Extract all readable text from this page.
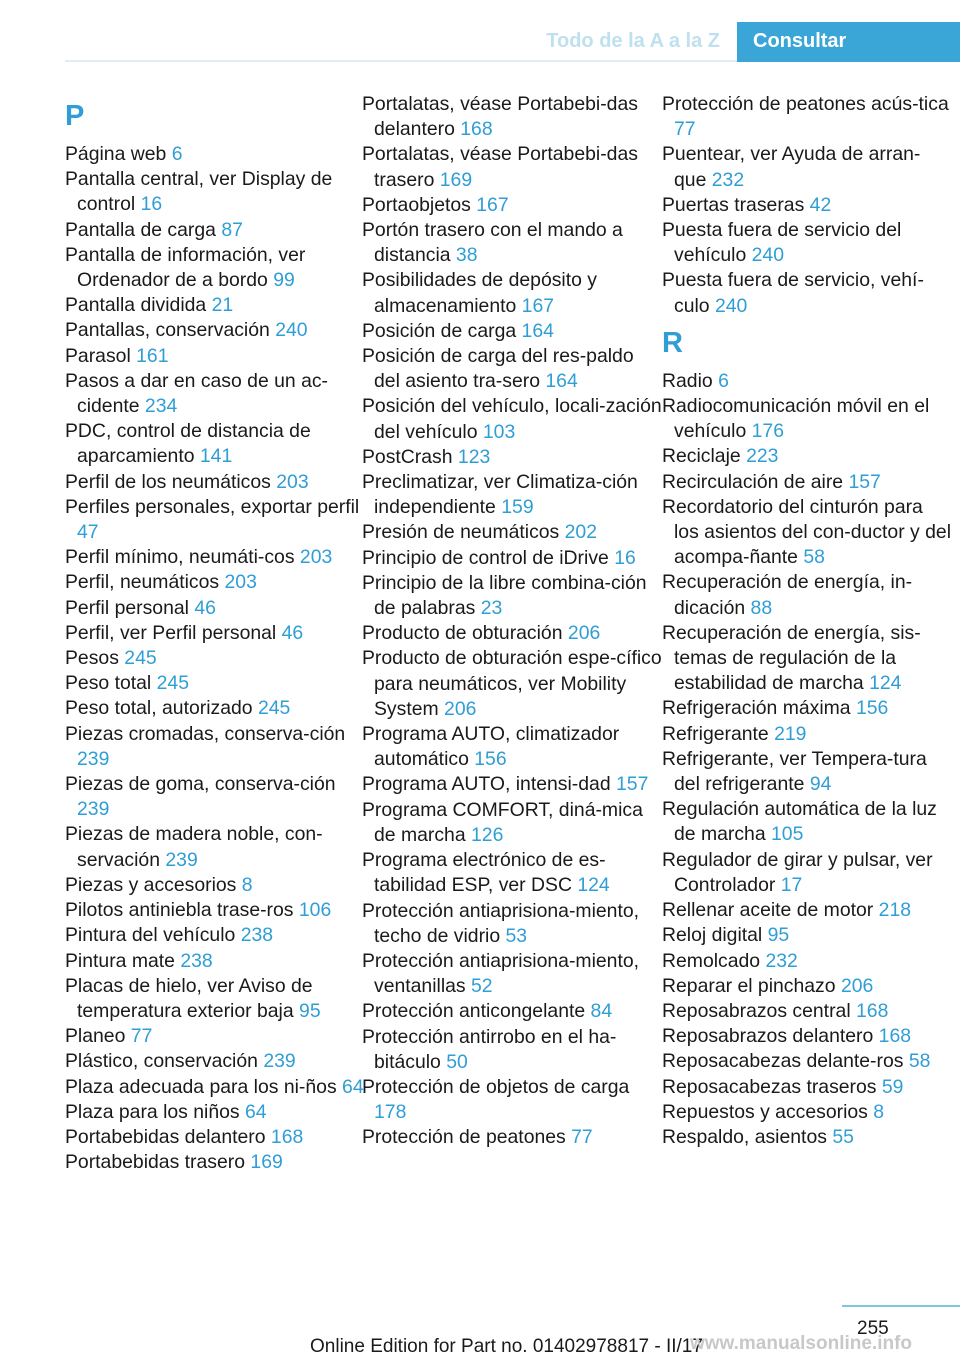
Todo de la A a la Z	Consultar
P
Página web 6
Pantalla central, ver Display de control 16
Pantalla de carga 87
Pantalla de información, ver Ordenador de a bordo 99
Pantalla dividida 21
Pantallas, conservación 240
Parasol 161
Pasos a dar en caso de un ac‐cidente 234
PDC, control de distancia de aparcamiento 141
Perfil de los neumáticos 203
Perfiles personales, exportar perfil 47
Perfil mínimo, neumáti‐cos 203
Perfil, neumáticos 203
Perfil personal 46
Perfil, ver Perfil personal 46
Pesos 245
Peso total 245
Peso total, autorizado 245
Piezas cromadas, conserva‐ción 239
Piezas de goma, conserva‐ción 239
Piezas de madera noble, con‐servación 239
Piezas y accesorios 8
Pilotos antiniebla trase‐ros 106
Pintura del vehículo 238
Pintura mate 238
Placas de hielo, ver Aviso de temperatura exterior baja 95
Planeo 77
Plástico, conservación 239
Plaza adecuada para los ni‐ños 64
Plaza para los niños 64
Portabebidas delantero 168
Portabebidas trasero 169
Portalatas, véase Portabebi‐das delantero 168
Portalatas, véase Portabebi‐das trasero 169
Portaobjetos 167
Portón trasero con el mando a distancia 38
Posibilidades de depósito y almacenamiento 167
Posición de carga 164
Posición de carga del res‐paldo del asiento tra‐sero 164
Posición del vehículo, locali‐zación del vehículo 103
PostCrash 123
Preclimatizar, ver Climatiza‐ción independiente 159
Presión de neumáticos 202
Principio de control de iDrive 16
Principio de la libre combina‐ción de palabras 23
Producto de obturación 206
Producto de obturación espe‐cífico para neumáticos, ver Mobility System 206
Programa AUTO, climatizador automático 156
Programa AUTO, intensi‐dad 157
Programa COMFORT, diná‐mica de marcha 126
Programa electrónico de es‐tabilidad ESP, ver DSC 124
Protección antiaprisiona‐miento, techo de vidrio 53
Protección antiaprisiona‐miento, ventanillas 52
Protección anticongelante 84
Protección antirrobo en el ha‐bitáculo 50
Protección de objetos de carga 178
Protección de peatones 77
Protección de peatones acús‐tica 77
Puentear, ver Ayuda de arran‐que 232
Puertas traseras 42
Puesta fuera de servicio del vehículo 240
Puesta fuera de servicio, vehí‐culo 240
R
Radio 6
Radiocomunicación móvil en el vehículo 176
Reciclaje 223
Recirculación de aire 157
Recordatorio del cinturón para los asientos del con‐ductor y del acompa‐ñante 58
Recuperación de energía, in‐dicación 88
Recuperación de energía, sis‐temas de regulación de la estabilidad de marcha 124
Refrigeración máxima 156
Refrigerante 219
Refrigerante, ver Tempera‐tura del refrigerante 94
Regulación automática de la luz de marcha 105
Regulador de girar y pulsar, ver Controlador 17
Rellenar aceite de motor 218
Reloj digital 95
Remolcado 232
Reparar el pinchazo 206
Reposabrazos central 168
Reposabrazos delantero 168
Reposacabezas delante‐ros 58
Reposacabezas traseros 59
Repuestos y accesorios 8
Respaldo, asientos 55
255
Online Edition for Part no. 01402978817 - II/17
www.manualsonline.info
